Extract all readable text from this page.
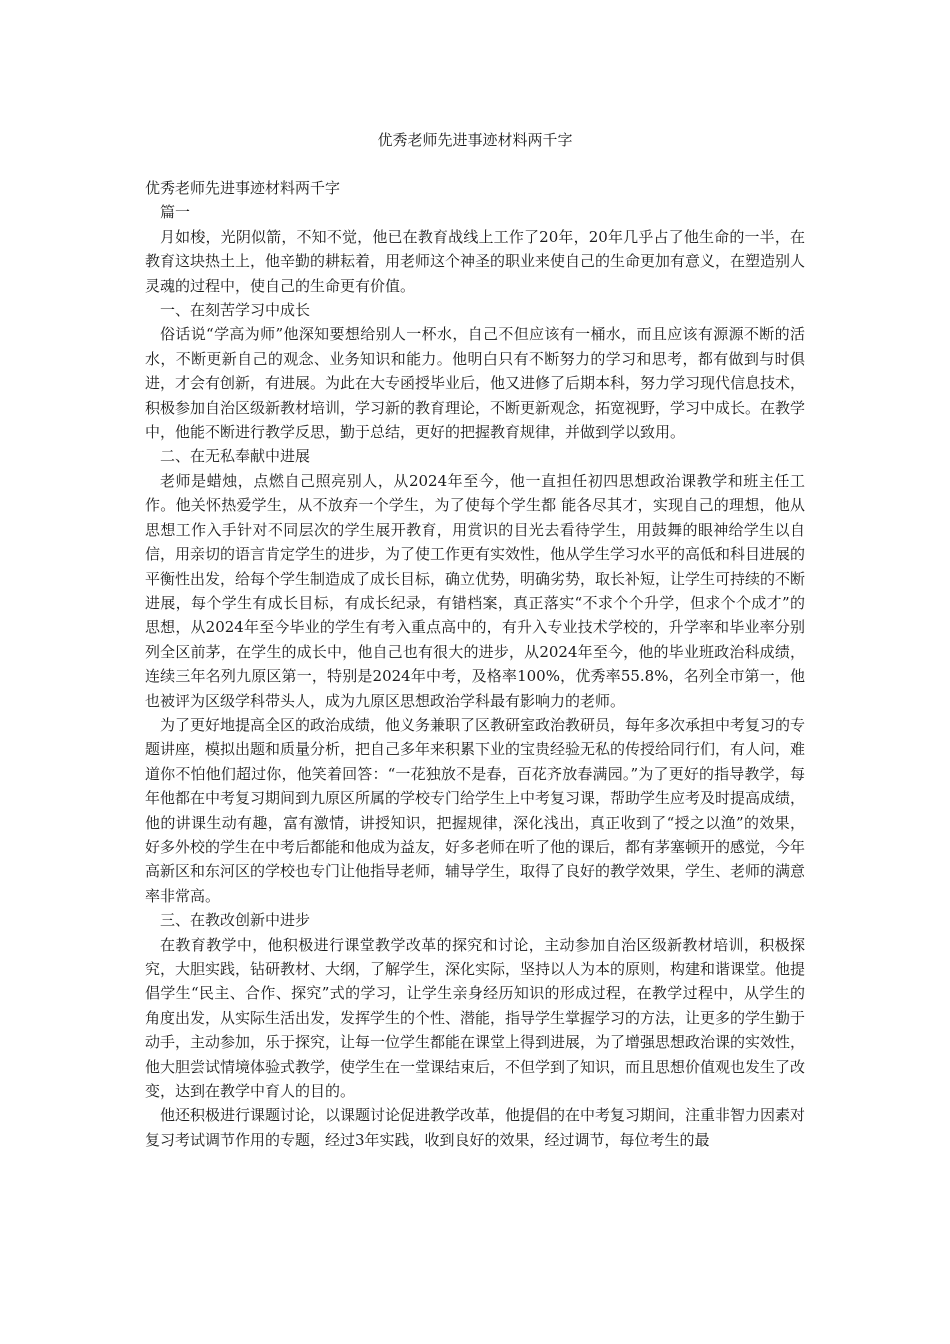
优秀老师先进事迹材料两千字

优秀老师先进事迹材料两千字

篇一

月如梭，光阴似箭，不知不觉，他已在教育战线上工作了20年，20年几乎占了他生命的一半，在教育这块热土上，他辛勤的耕耘着，用老师这个神圣的职业来使自己的生命更加有意义，在塑造别人灵魂的过程中，使自己的生命更有价值。

一、在刻苦学习中成长

俗话说“学高为师”他深知要想给别人一杯水，自己不但应该有一桶水，而且应该有源源不断的活水，不断更新自己的观念、业务知识和能力。他明白只有不断努力的学习和思考，都有做到与时俱进，才会有创新，有进展。为此在大专函授毕业后，他又进修了后期本科，努力学习现代信息技术，积极参加自治区级新教材培训，学习新的教育理论，不断更新观念，拓宽视野，学习中成长。在教学中，他能不断进行教学反思，勤于总结，更好的把握教育规律，并做到学以致用。

二、在无私奉献中进展

老师是蜡烛，点燃自己照亮别人，从2024年至今，他一直担任初四思想政治课教学和班主任工作。他关怀热爱学生，从不放弃一个学生，为了使每个学生都 能各尽其才，实现自己的理想，他从思想工作入手针对不同层次的学生展开教育，用赏识的目光去看待学生，用鼓舞的眼神给学生以自信，用亲切的语言肯定学生的进步，为了使工作更有实效性，他从学生学习水平的高低和科目进展的平衡性出发，给每个学生制造成了成长目标，确立优势，明确劣势，取长补短，让学生可持续的不断进展，每个学生有成长目标，有成长纪录，有错档案，真正落实“不求个个升学，但求个个成才”的思想，从2024年至今毕业的学生有考入重点高中的，有升入专业技术学校的，升学率和毕业率分别列全区前茅，在学生的成长中，他自己也有很大的进步，从2024年至今，他的毕业班政治科成绩，连续三年名列九原区第一，特别是2024年中考，及格率100%，优秀率55.8%，名列全市第一，他也被评为区级学科带头人，成为九原区思想政治学科最有影响力的老师。

为了更好地提高全区的政治成绩，他义务兼职了区教研室政治教研员，每年多次承担中考复习的专题讲座，模拟出题和质量分析，把自己多年来积累下业的宝贵经验无私的传授给同行们，有人问，难道你不怕他们超过你，他笑着回答：“一花独放不是春，百花齐放春满园。”为了更好的指导教学，每年他都在中考复习期间到九原区所属的学校专门给学生上中考复习课，帮助学生应考及时提高成绩，他的讲课生动有趣，富有激情，讲授知识，把握规律，深化浅出，真正收到了“授之以渔”的效果，好多外校的学生在中考后都能和他成为益友，好多老师在听了他的课后，都有茅塞顿开的感觉，今年高新区和东河区的学校也专门让他指导老师，辅导学生，取得了良好的教学效果，学生、老师的满意率非常高。

三、在教改创新中进步

在教育教学中，他积极进行课堂教学改革的探究和讨论，主动参加自治区级新教材培训，积极探究，大胆实践，钻研教材、大纲，了解学生，深化实际，坚持以人为本的原则，构建和谐课堂。他提倡学生“民主、合作、探究”式的学习，让学生亲身经历知识的形成过程，在教学过程中，从学生的角度出发，从实际生活出发，发挥学生的个性、潜能，指导学生掌握学习的方法，让更多的学生勤于动手，主动参加，乐于探究，让每一位学生都能在课堂上得到进展，为了增强思想政治课的实效性，他大胆尝试情境体验式教学，使学生在一堂课结束后，不但学到了知识，而且思想价值观也发生了改变，达到在教学中育人的目的。

他还积极进行课题讨论，以课题讨论促进教学改革，他提倡的在中考复习期间，注重非智力因素对复习考试调节作用的专题，经过3年实践，收到良好的效果，经过调节，每位考生的最
